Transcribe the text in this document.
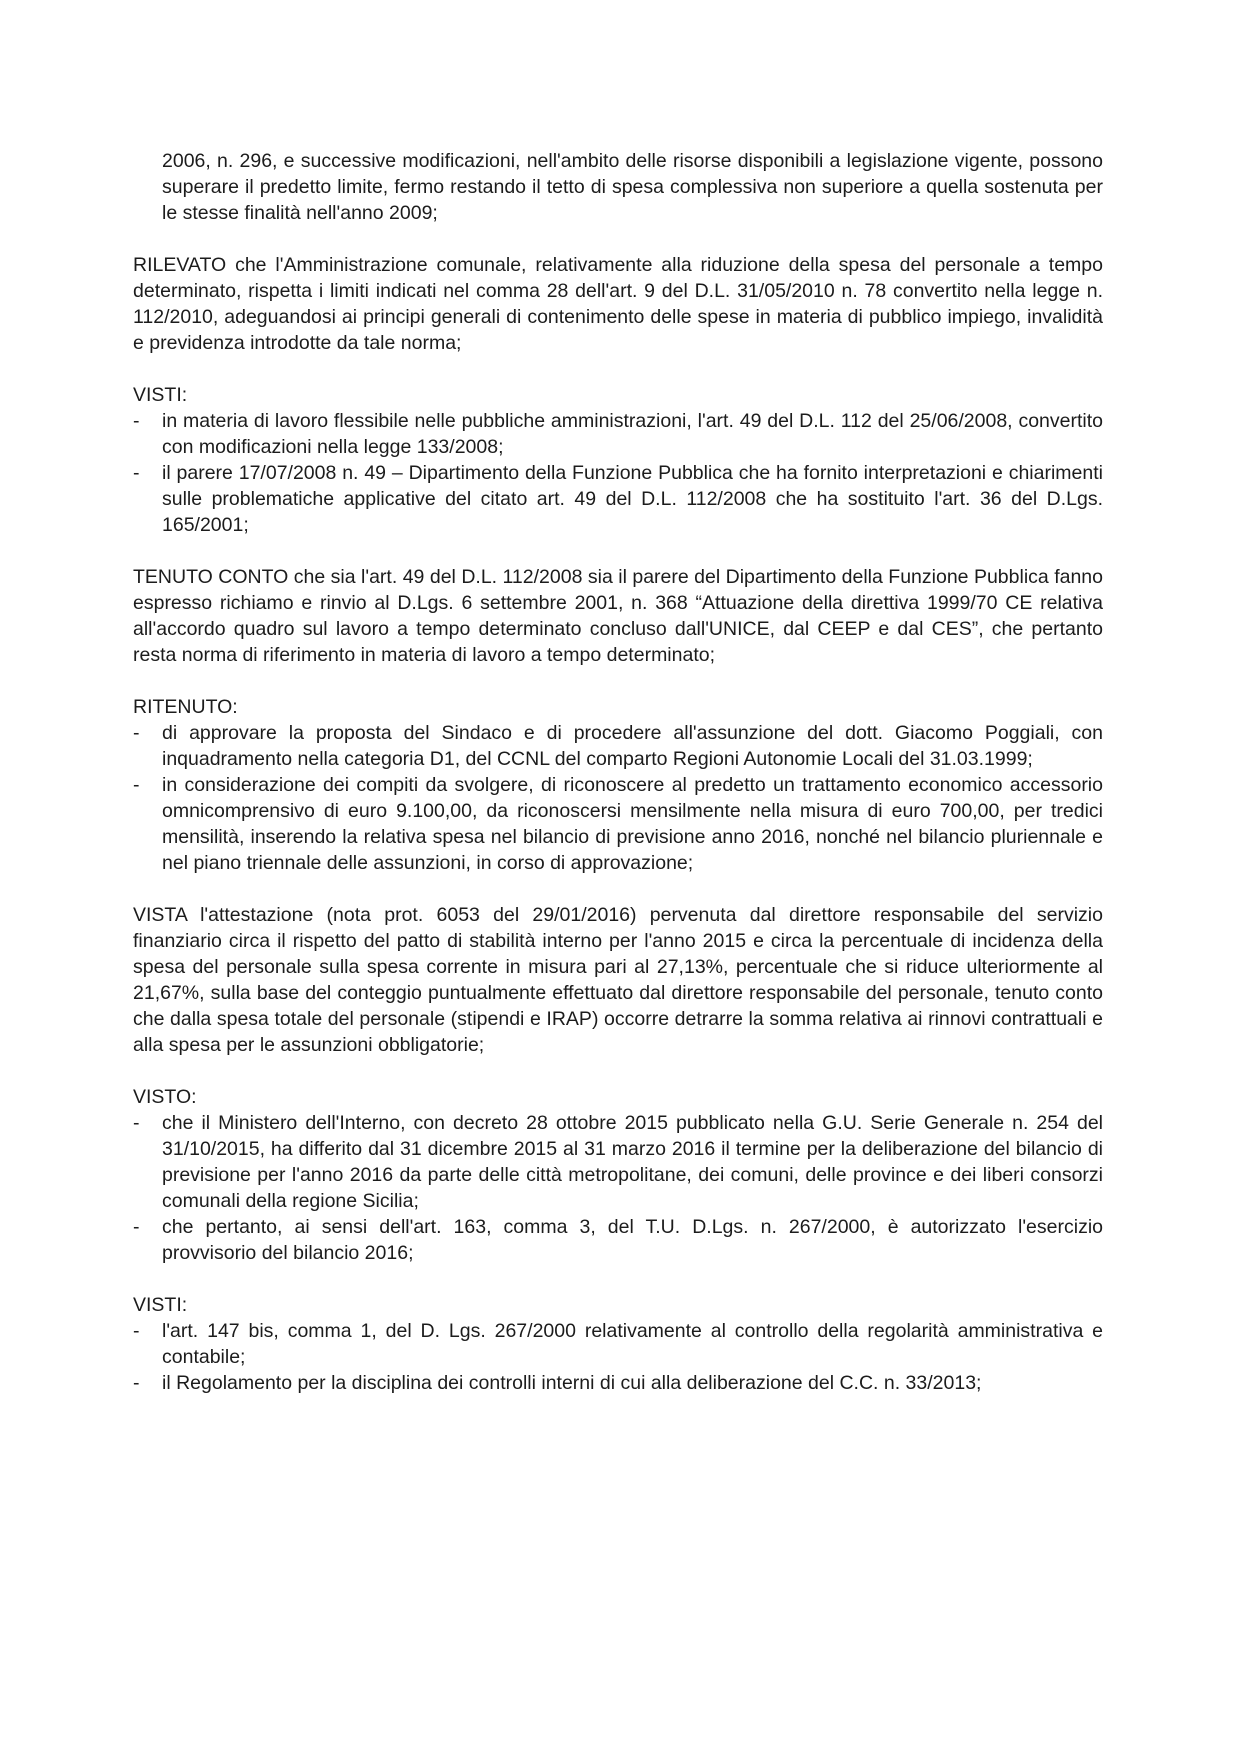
2006, n. 296, e successive modificazioni, nell'ambito delle risorse disponibili a legislazione vigente, possono superare il predetto limite, fermo restando il tetto di spesa complessiva non superiore a quella sostenuta per le stesse finalità nell'anno 2009;

RILEVATO che l'Amministrazione comunale, relativamente alla riduzione della spesa del personale a tempo determinato, rispetta i limiti indicati nel comma 28 dell'art. 9 del D.L. 31/05/2010 n. 78 convertito nella legge n. 112/2010, adeguandosi ai principi generali di contenimento delle spese in materia di pubblico impiego, invalidità e previdenza introdotte da tale norma;

VISTI:

- in materia di lavoro flessibile nelle pubbliche amministrazioni, l'art. 49 del D.L. 112 del 25/06/2008, convertito con modificazioni nella legge 133/2008;
- il parere 17/07/2008 n. 49 – Dipartimento della Funzione Pubblica che ha fornito interpretazioni e chiarimenti sulle problematiche applicative del citato art. 49 del D.L. 112/2008 che ha sostituito l'art. 36 del D.Lgs. 165/2001;

TENUTO CONTO che sia l'art. 49 del D.L. 112/2008 sia il parere del Dipartimento della Funzione Pubblica fanno espresso richiamo e rinvio al D.Lgs. 6 settembre 2001, n. 368 “Attuazione della direttiva 1999/70 CE relativa all'accordo quadro sul lavoro a tempo determinato concluso dall'UNICE, dal CEEP e dal CES”, che pertanto resta norma di riferimento in materia di lavoro a tempo determinato;

RITENUTO:

- di approvare la proposta del Sindaco e di procedere all'assunzione del dott. Giacomo Poggiali, con inquadramento nella categoria D1, del CCNL del comparto Regioni Autonomie Locali del 31.03.1999;
- in considerazione dei compiti da svolgere, di riconoscere al predetto un trattamento economico accessorio omnicomprensivo di euro 9.100,00, da riconoscersi mensilmente nella misura di euro 700,00, per tredici mensilità, inserendo la relativa spesa nel bilancio di previsione anno 2016, nonché nel bilancio pluriennale e nel piano triennale delle assunzioni, in corso di approvazione;

VISTA l'attestazione (nota prot. 6053 del 29/01/2016) pervenuta dal direttore responsabile del servizio finanziario circa il rispetto del patto di stabilità interno per l'anno 2015 e circa la percentuale di incidenza della spesa del personale sulla spesa corrente in misura pari al 27,13%, percentuale che si riduce ulteriormente al 21,67%, sulla base del conteggio puntualmente effettuato dal direttore responsabile del personale, tenuto conto che dalla spesa totale del personale (stipendi e IRAP) occorre detrarre la somma relativa ai rinnovi contrattuali e alla spesa per le assunzioni obbligatorie;

VISTO:

- che il Ministero dell'Interno, con decreto 28 ottobre 2015 pubblicato nella G.U. Serie Generale n. 254 del 31/10/2015, ha differito dal 31 dicembre 2015 al 31 marzo 2016 il termine per la deliberazione del bilancio di previsione per l'anno 2016 da parte delle città metropolitane, dei comuni, delle province e dei liberi consorzi comunali della regione Sicilia;
- che pertanto, ai sensi dell'art. 163, comma 3, del T.U. D.Lgs. n. 267/2000, è autorizzato l'esercizio provvisorio del bilancio 2016;

VISTI:

- l'art. 147 bis, comma 1, del D. Lgs. 267/2000 relativamente al controllo della regolarità amministrativa e contabile;
- il Regolamento per la disciplina dei controlli interni di cui alla deliberazione del C.C. n. 33/2013;
